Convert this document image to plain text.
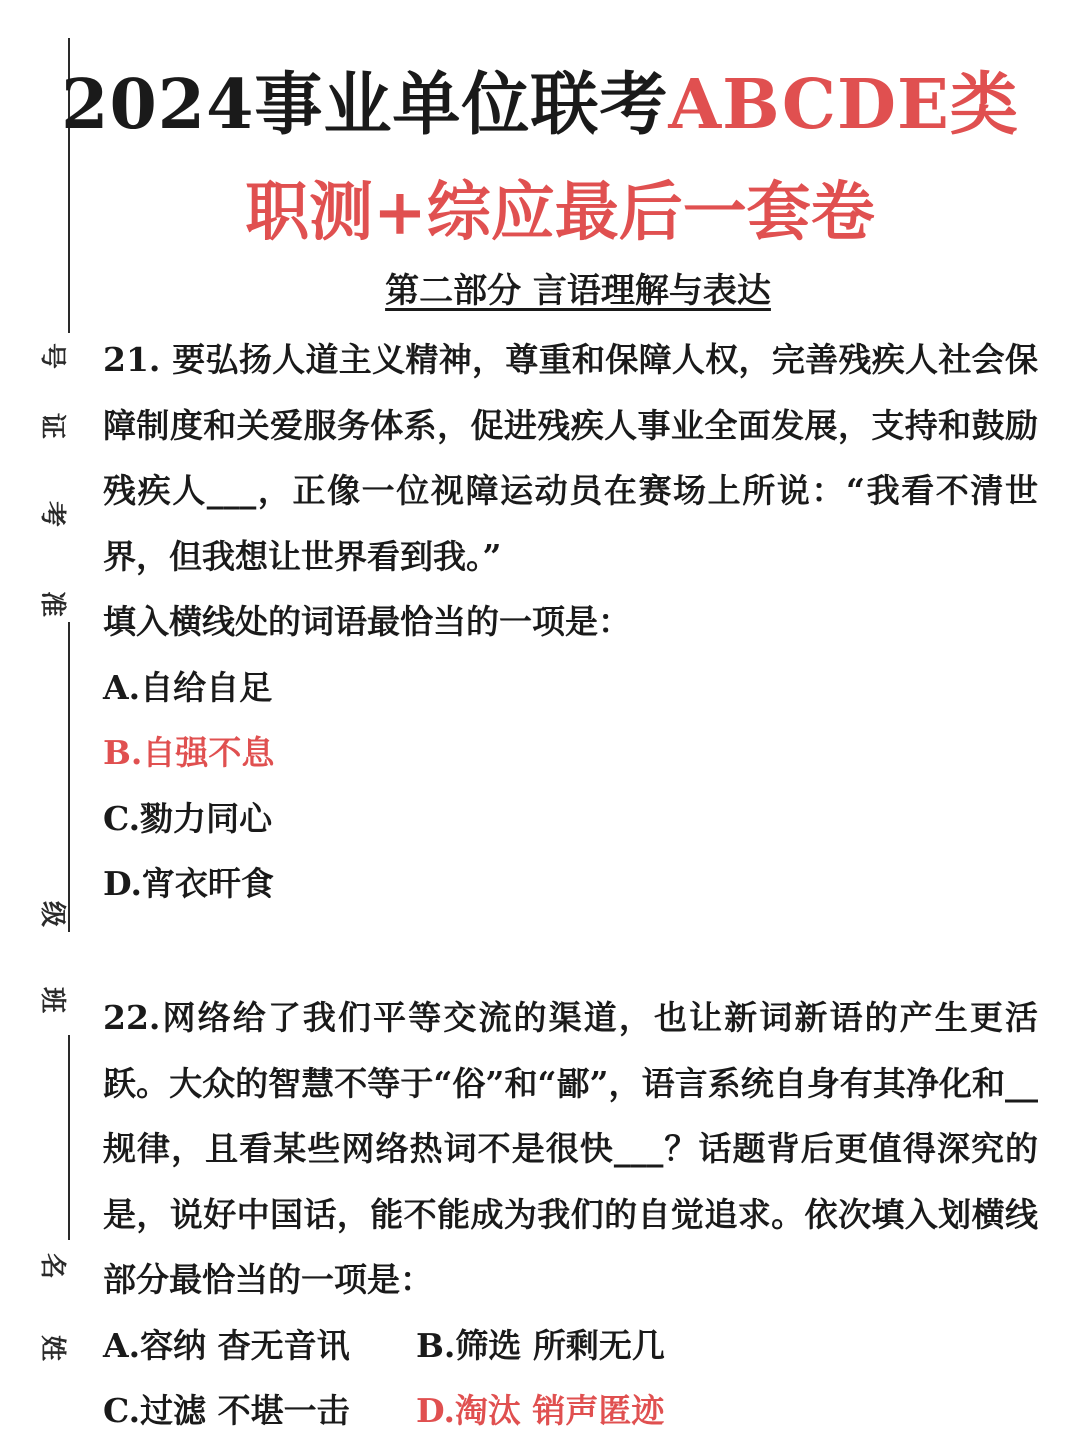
号
证
考
准
级
班
名
姓
2024事业单位联考ABCDE类
职测+综应最后一套卷
第二部分 言语理解与表达

21. 要弘扬人道主义精神，尊重和保障人权，完善残疾人社会保障制度和关爱服务体系，促进残疾人事业全面发展，支持和鼓励残疾人___，正像一位视障运动员在赛场上所说：“我看不清世界，但我想让世界看到我。”

填入横线处的词语最恰当的一项是：

A.自给自足

B.自强不息

C.勠力同心

D.宵衣旰食

22.网络给了我们平等交流的渠道，也让新词新语的产生更活跃。大众的智慧不等于“俗”和“鄙”，语言系统自身有其净化和__规律，且看某些网络热词不是很快___？话题背后更值得深究的是，说好中国话，能不能成为我们的自觉追求。依次填入划横线部分最恰当的一项是：

A.容纳 杳无音讯	B.筛选 所剩无几
C.过滤 不堪一击	D.淘汰 销声匿迹
